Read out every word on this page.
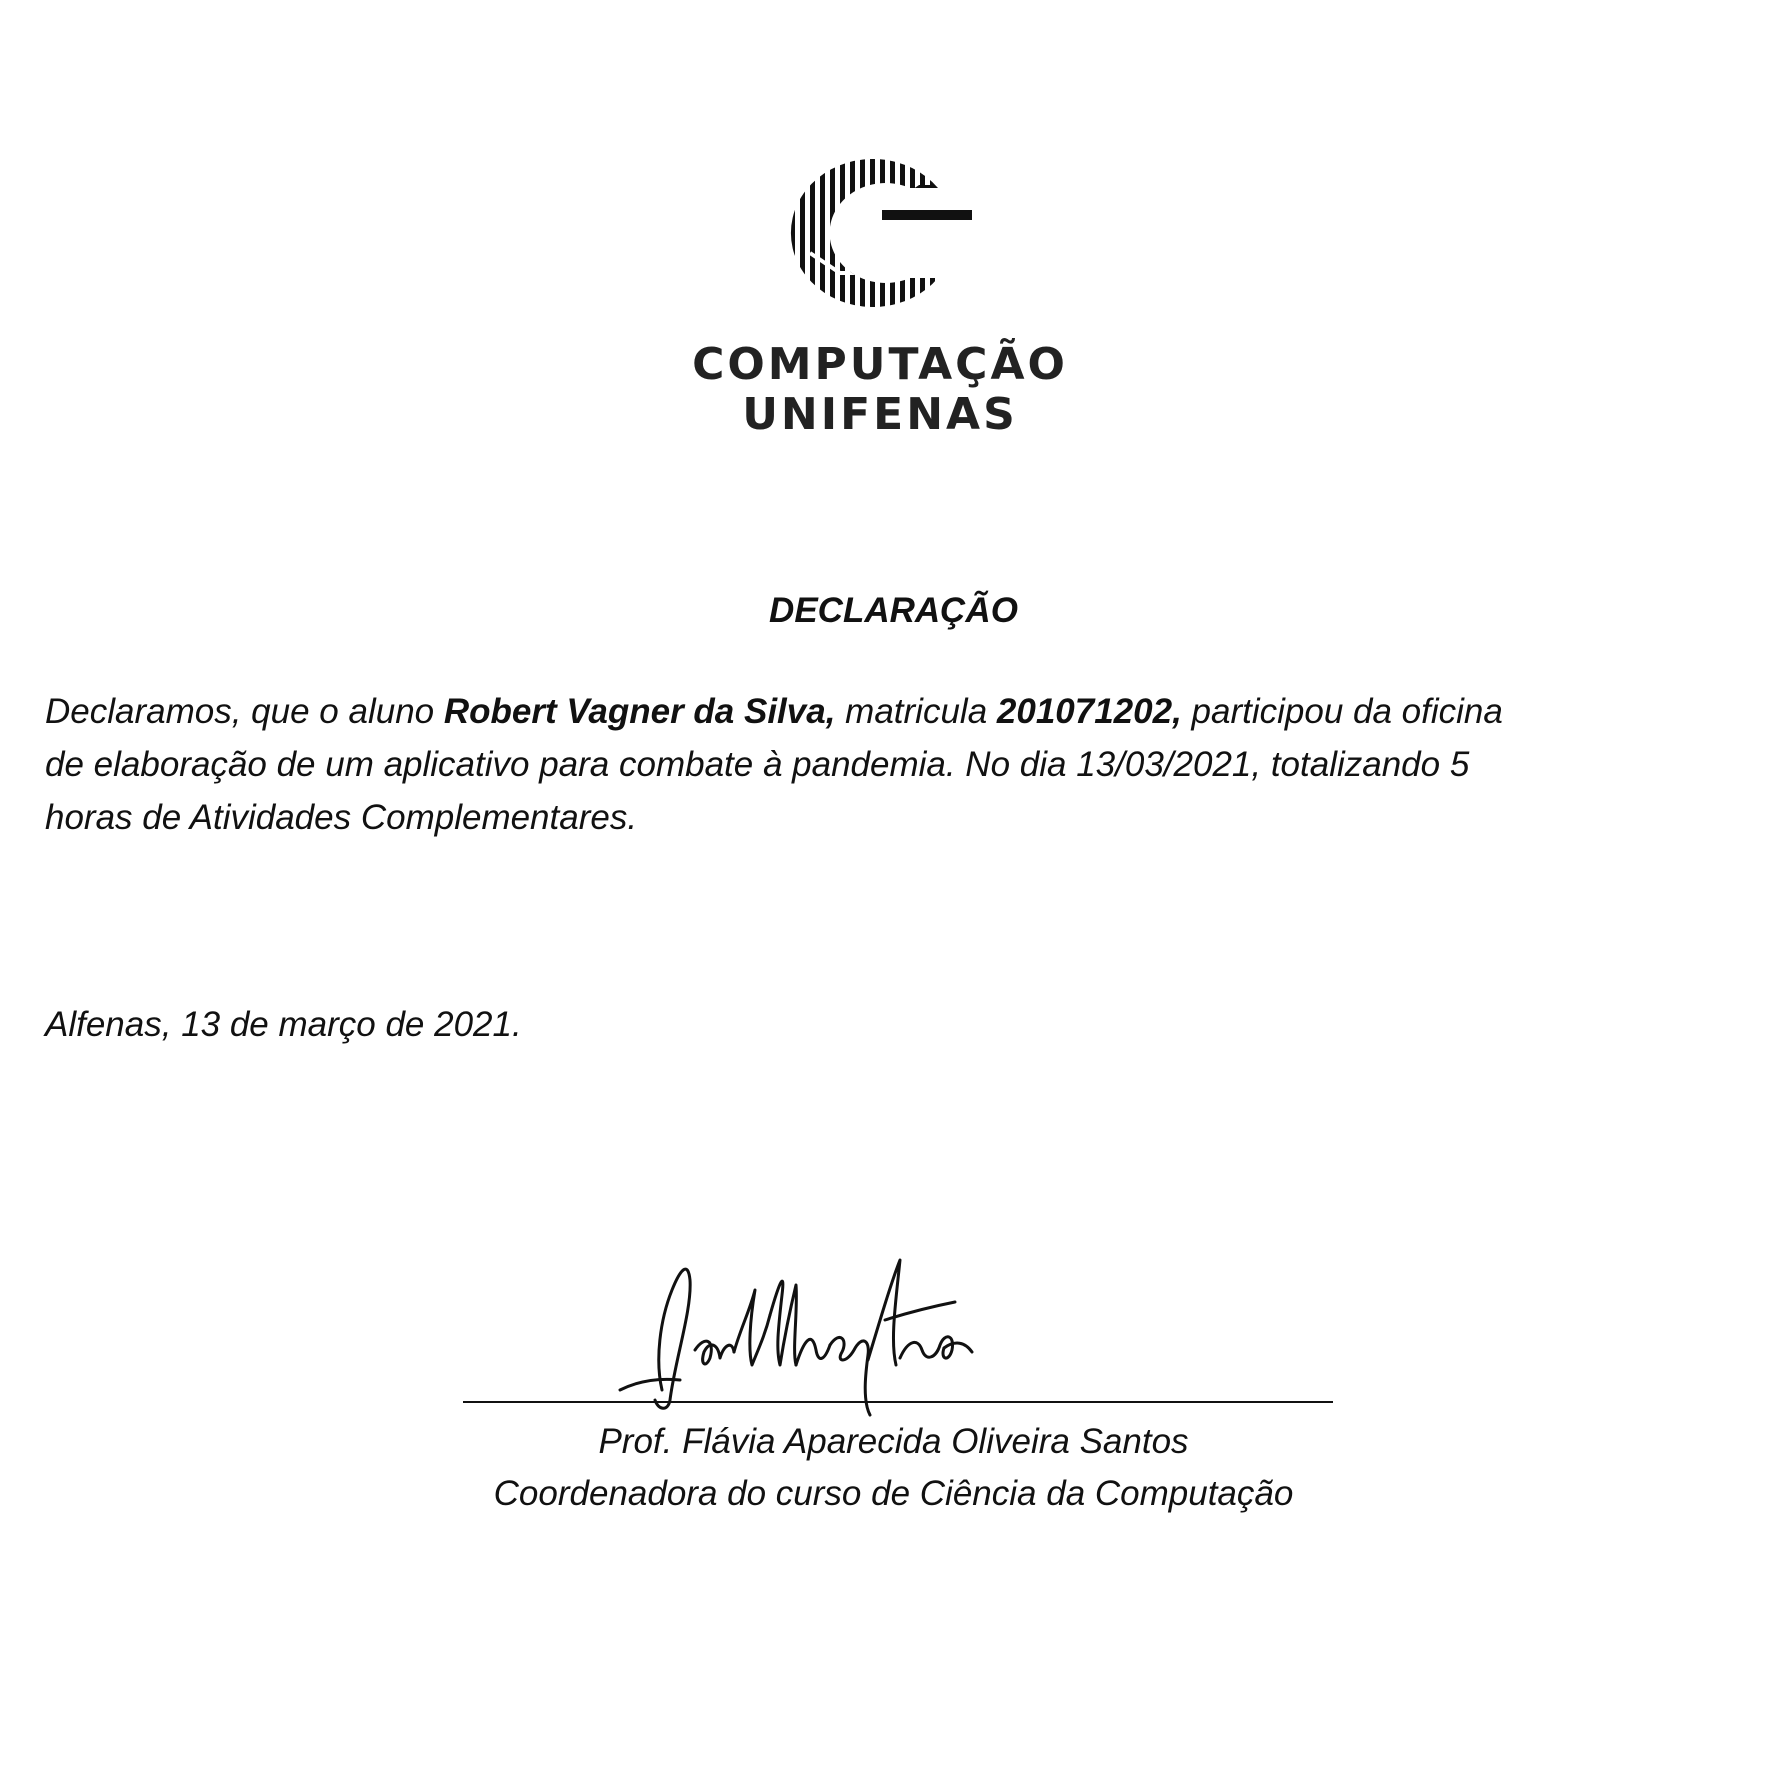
COMPUTAÇÃO
UNIFENAS
DECLARAÇÃO
Declaramos, que o aluno Robert Vagner da Silva, matricula 201071202, participou da oficina
de elaboração de um aplicativo para combate à pandemia. No dia 13/03/2021, totalizando 5
horas de Atividades Complementares.
Alfenas, 13 de março de 2021.
Prof. Flávia Aparecida Oliveira Santos
Coordenadora do curso de Ciência da Computação
